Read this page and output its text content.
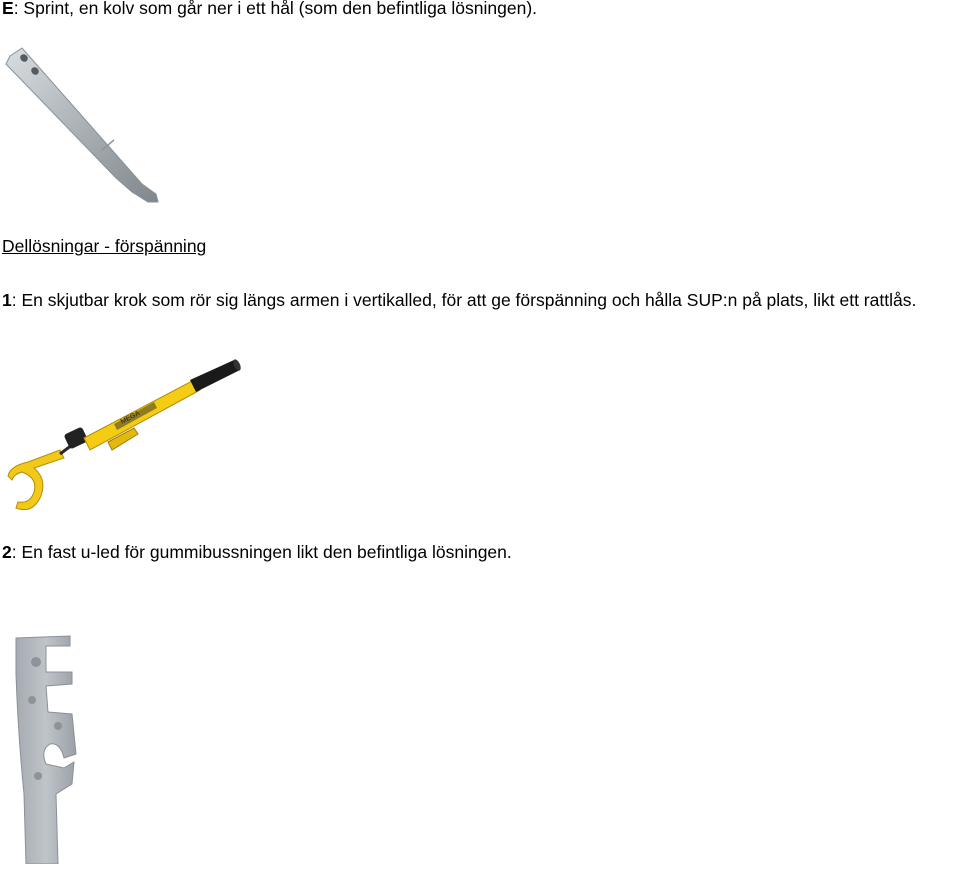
E: Sprint, en kolv som går ner i ett hål (som den befintliga lösningen).
Dellösningar - förspänning
1: En skjutbar krok som rör sig längs armen i vertikalled, för att ge förspänning och hålla SUP:n på plats, likt ett rattlås.
MEGA
2: En fast u-led för gummibussningen likt den befintliga lösningen.
